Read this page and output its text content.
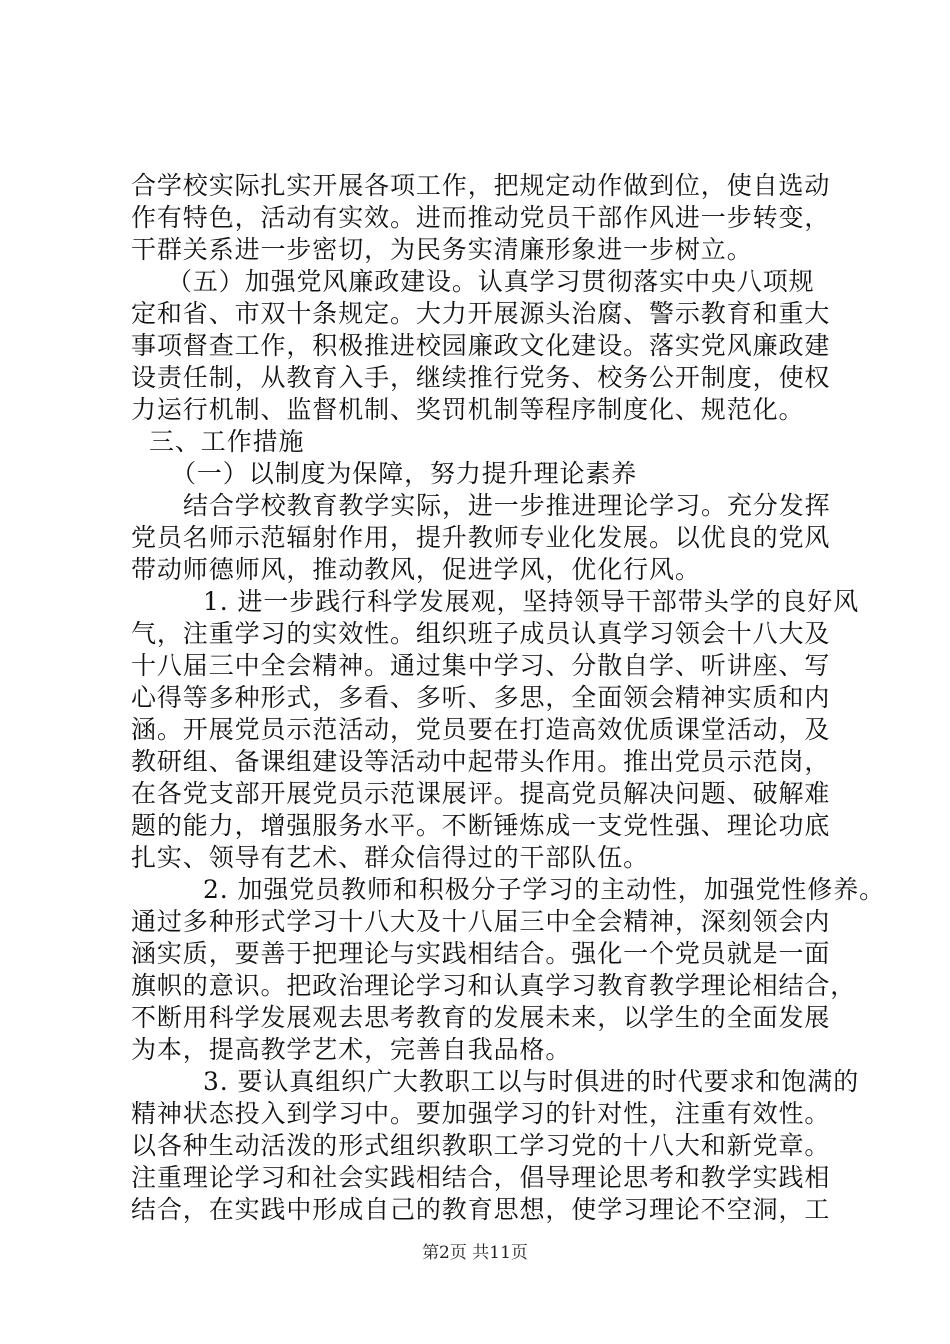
合学校实际扎实开展各项工作，把规定动作做到位，使自选动
作有特色，活动有实效。进而推动党员干部作风进一步转变，
干群关系进一步密切，为民务实清廉形象进一步树立。
（五）加强党风廉政建设。认真学习贯彻落实中央八项规
定和省、市双十条规定。大力开展源头治腐、警示教育和重大
事项督查工作，积极推进校园廉政文化建设。落实党风廉政建
设责任制，从教育入手，继续推行党务、校务公开制度，使权
力运行机制、监督机制、奖罚机制等程序制度化、规范化。
三、工作措施
（一）以制度为保障，努力提升理论素养
结合学校教育教学实际，进一步推进理论学习。充分发挥
党员名师示范辐射作用，提升教师专业化发展。以优良的党风
带动师德师风，推动教风，促进学风，优化行风。
1. 进一步践行科学发展观，坚持领导干部带头学的良好风
气，注重学习的实效性。组织班子成员认真学习领会十八大及
十八届三中全会精神。通过集中学习、分散自学、听讲座、写
心得等多种形式，多看、多听、多思，全面领会精神实质和内
涵。开展党员示范活动，党员要在打造高效优质课堂活动，及
教研组、备课组建设等活动中起带头作用。推出党员示范岗，
在各党支部开展党员示范课展评。提高党员解决问题、破解难
题的能力，增强服务水平。不断锤炼成一支党性强、理论功底
扎实、领导有艺术、群众信得过的干部队伍。
2. 加强党员教师和积极分子学习的主动性，加强党性修养。
通过多种形式学习十八大及十八届三中全会精神，深刻领会内
涵实质，要善于把理论与实践相结合。强化一个党员就是一面
旗帜的意识。把政治理论学习和认真学习教育教学理论相结合，
不断用科学发展观去思考教育的发展未来，以学生的全面发展
为本，提高教学艺术，完善自我品格。
3. 要认真组织广大教职工以与时俱进的时代要求和饱满的
精神状态投入到学习中。要加强学习的针对性，注重有效性。
以各种生动活泼的形式组织教职工学习党的十八大和新党章。
注重理论学习和社会实践相结合，倡导理论思考和教学实践相
结合，在实践中形成自己的教育思想，使学习理论不空洞，工
第2页 共11页
